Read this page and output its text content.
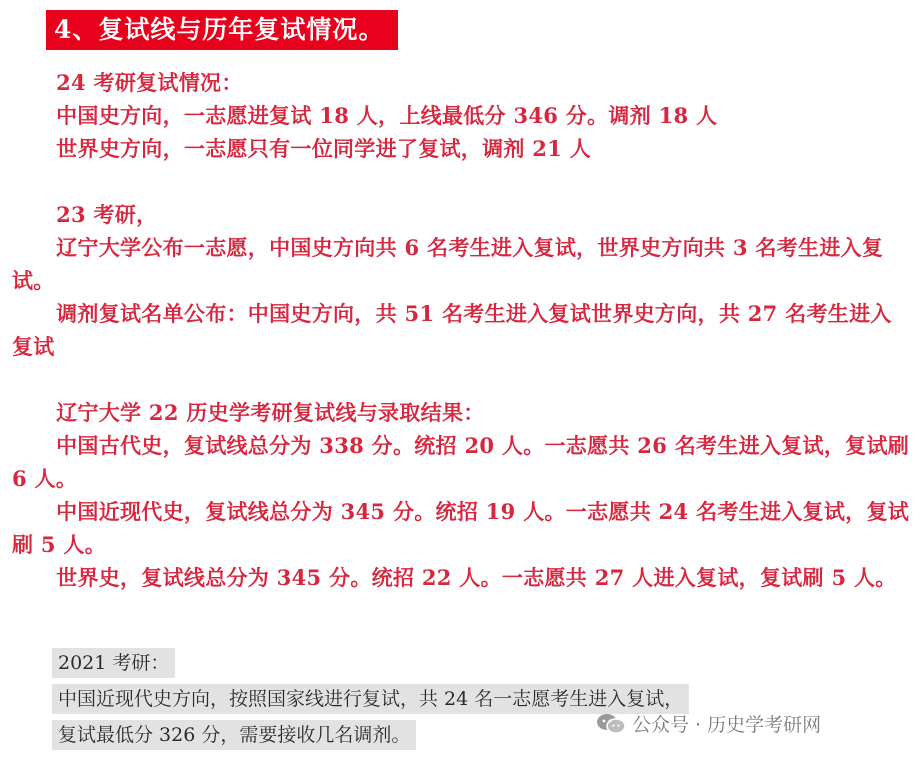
4、复试线与历年复试情况。

24 考研复试情况：

中国史方向，一志愿进复试 18 人，上线最低分 346 分。调剂 18 人

世界史方向，一志愿只有一位同学进了复试，调剂 21 人

23 考研，

辽宁大学公布一志愿，中国史方向共 6 名考生进入复试，世界史方向共 3 名考生进入复试。

调剂复试名单公布：中国史方向，共 51 名考生进入复试世界史方向，共 27 名考生进入复试

辽宁大学 22 历史学考研复试线与录取结果：

中国古代史，复试线总分为 338 分。统招 20 人。一志愿共 26 名考生进入复试，复试刷 6 人。

中国近现代史，复试线总分为 345 分。统招 19 人。一志愿共 24 名考生进入复试，复试刷 5 人。

世界史，复试线总分为 345 分。统招 22 人。一志愿共 27 人进入复试，复试刷 5 人。

2021 考研：
中国近现代史方向，按照国家线进行复试，共 24 名一志愿考生进入复试，
复试最低分 326 分，需要接收几名调剂。	公众号 · 历史学考研网
